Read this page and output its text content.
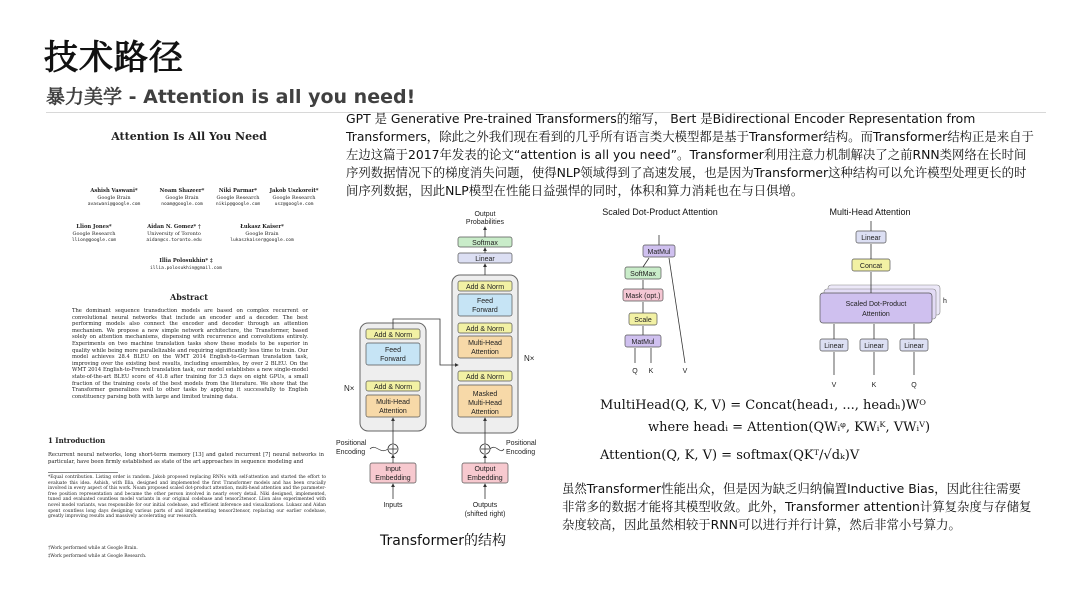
技术路径
暴力美学 - Attention is all you need!
Attention Is All You Need
Ashish Vaswani*
Google Brain
avaswani@google.com
Noam Shazeer*
Google Brain
noam@google.com
Niki Parmar*
Google Research
nikip@google.com
Jakob Uszkoreit*
Google Research
usz@google.com
Llion Jones*
Google Research
llion@google.com
Aidan N. Gomez* †
University of Toronto
aidan@cs.toronto.edu
Łukasz Kaiser*
Google Brain
lukaszkaiser@google.com
Illia Polosukhin* ‡
illia.polosukhin@gmail.com
Abstract
The dominant sequence transduction models are based on complex recurrent or convolutional neural networks that include an encoder and a decoder. The best performing models also connect the encoder and decoder through an attention mechanism. We propose a new simple network architecture, the Transformer, based solely on attention mechanisms, dispensing with recurrence and convolutions entirely. Experiments on two machine translation tasks show these models to be superior in quality while being more parallelizable and requiring significantly less time to train. Our model achieves 28.4 BLEU on the WMT 2014 English-to-German translation task, improving over the existing best results, including ensembles, by over 2 BLEU. On the WMT 2014 English-to-French translation task, our model establishes a new single-model state-of-the-art BLEU score of 41.8 after training for 3.5 days on eight GPUs, a small fraction of the training costs of the best models from the literature. We show that the Transformer generalizes well to other tasks by applying it successfully to English constituency parsing both with large and limited training data.
1 Introduction
Recurrent neural networks, long short-term memory [13] and gated recurrent [7] neural networks in particular, have been firmly established as state of the art approaches in sequence modeling and
*Equal contribution. Listing order is random. Jakob proposed replacing RNNs with self-attention and started the effort to evaluate this idea. Ashish, with Illia, designed and implemented the first Transformer models and has been crucially involved in every aspect of this work. Noam proposed scaled dot-product attention, multi-head attention and the parameter-free position representation and became the other person involved in nearly every detail. Niki designed, implemented, tuned and evaluated countless model variants in our original codebase and tensor2tensor. Llion also experimented with novel model variants, was responsible for our initial codebase, and efficient inference and visualizations. Lukasz and Aidan spent countless long days designing various parts of and implementing tensor2tensor, replacing our earlier codebase, greatly improving results and massively accelerating our research.
†Work performed while at Google Brain.
‡Work performed while at Google Research.
GPT 是 Generative Pre-trained Transformers的缩写， Bert 是Bidirectional Encoder Representation from Transformers，除此之外我们现在看到的几乎所有语言类大模型都是基于Transformer结构。而Transformer结构正是来自于左边这篇于2017年发表的论文“attention is all you need”。Transformer利用注意力机制解决了之前RNN类网络在长时间序列数据情况下的梯度消失问题，使得NLP领域得到了高速发展，也是因为Transformer这种结构可以允许模型处理更长的时间序列数据，因此NLP模型在性能日益强悍的同时，体积和算力消耗也在与日俱增。
Add & Norm
Feed
Forward
Add & Norm
Multi-Head
Attention
Add & Norm
Feed
Forward
Add & Norm
Multi-Head
Attention
Add & Norm
Masked
Multi-Head
Attention
N×
N×
Linear
Softmax
Output
Probabilities
Positional
Encoding
Positional
Encoding
Input
Embedding
Output
Embedding
Inputs	Outputs
(shifted right)
Transformer的结构
Scaled Dot-Product Attention
MatMul
SoftMax
Mask (opt.)
Scale
MatMul
Q K	V
Multi-Head Attention
Linear
Concat
Scaled Dot-Product
Attention
h
Linear	Linear	Linear
V	K	Q
MultiHead(Q, K, V) = Concat(head₁, ..., headₕ)Wᴼ
where headᵢ = Attention(QWᵢᵠ, KWᵢᴷ, VWᵢⱽ)
Attention(Q, K, V) = softmax(QKᵀ/√dₖ)V
虽然Transformer性能出众，但是因为缺乏归纳偏置Inductive Bias，因此往往需要非常多的数据才能将其模型收敛。此外，Transformer attention计算复杂度与存储复杂度较高，因此虽然相较于RNN可以进行并行计算，然后非常小号算力。
